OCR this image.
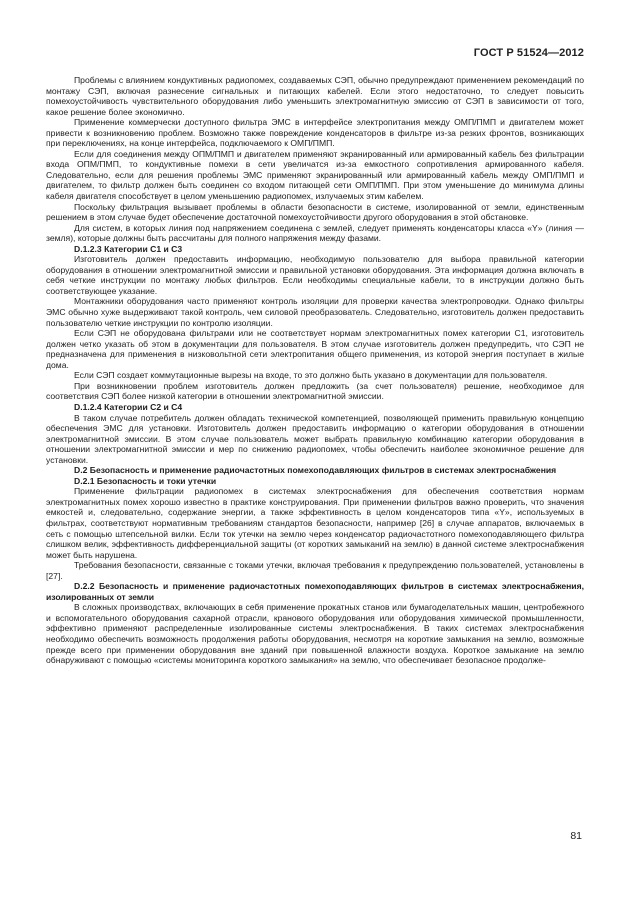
ГОСТ Р 51524—2012

Проблемы с влиянием кондуктивных радиопомех, создаваемых СЭП, обычно предупреждают применением рекомендаций по монтажу СЭП, включая разнесение сигнальных и питающих кабелей. Если этого недостаточно, то следует повысить помехоустойчивость чувствительного оборудования либо уменьшить электромагнитную эмиссию от СЭП в зависимости от того, какое решение более экономично.

Применение коммерчески доступного фильтра ЭМС в интерфейсе электропитания между ОМП/ПМП и двигателем может привести к возникновению проблем. Возможно также повреждение конденсаторов в фильтре из-за резких фронтов, возникающих при переключениях, на конце интерфейса, подключаемого к ОМП/ПМП.

Если для соединения между ОПМ/ПМП и двигателем применяют экранированный или армированный кабель без фильтрации входа ОПМ/ПМП, то кондуктивные помехи в сети увеличатся из-за емкостного сопротивления армированного кабеля. Следовательно, если для решения проблемы ЭМС применяют экранированный или армированный кабель между ОМП/ПМП и двигателем, то фильтр должен быть соединен со входом питающей сети ОМП/ПМП. При этом уменьшение до минимума длины кабеля двигателя способствует в целом уменьшению радиопомех, излучаемых этим кабелем.

Поскольку фильтрация вызывает проблемы в области безопасности в системе, изолированной от земли, единственным решением в этом случае будет обеспечение достаточной помехоустойчивости другого оборудования в этой обстановке.

Для систем, в которых линия под напряжением соединена с землей, следует применять конденсаторы класса «Y» (линия — земля), которые должны быть рассчитаны для полного напряжения между фазами.

D.1.2.3 Категории С1 и С3

Изготовитель должен предоставить информацию, необходимую пользователю для выбора правильной категории оборудования в отношении электромагнитной эмиссии и правильной установки оборудования. Эта информация должна включать в себя четкие инструкции по монтажу любых фильтров. Если необходимы специальные кабели, то в инструкции должно быть соответствующее указание.

Монтажники оборудования часто применяют контроль изоляции для проверки качества электропроводки. Однако фильтры ЭМС обычно хуже выдерживают такой контроль, чем силовой преобразователь. Следовательно, изготовитель должен предоставить пользователю четкие инструкции по контролю изоляции.

Если СЭП не оборудована фильтрами или не соответствует нормам электромагнитных помех категории С1, изготовитель должен четко указать об этом в документации для пользователя. В этом случае изготовитель должен предупредить, что СЭП не предназначена для применения в низковольтной сети электропитания общего применения, из которой энергия поступает в жилые дома.

Если СЭП создает коммутационные вырезы на входе, то это должно быть указано в документации для пользователя.

При возникновении проблем изготовитель должен предложить (за счет пользователя) решение, необходимое для соответствия СЭП более низкой категории в отношении электромагнитной эмиссии.

D.1.2.4 Категории С2 и С4

В таком случае потребитель должен обладать технической компетенцией, позволяющей применить правильную концепцию обеспечения ЭМС для установки. Изготовитель должен предоставить информацию о категории оборудования в отношении электромагнитной эмиссии. В этом случае пользователь может выбрать правильную комбинацию категории оборудования в отношении электромагнитной эмиссии и мер по снижению радиопомех, чтобы обеспечить наиболее экономичное решение для установки.

D.2 Безопасность и применение радиочастотных помехоподавляющих фильтров в системах электроснабжения
D.2.1 Безопасность и токи утечки

Применение фильтрации радиопомех в системах электроснабжения для обеспечения соответствия нормам электромагнитных помех хорошо известно в практике конструирования. При применении фильтров важно проверить, что значения емкостей и, следовательно, содержание энергии, а также эффективность в целом конденсаторов типа «Y», используемых в фильтрах, соответствуют нормативным требованиям стандартов безопасности, например [26] в случае аппаратов, включаемых в сеть с помощью штепсельной вилки. Если ток утечки на землю через конденсатор радиочастотного помехоподавляющего фильтра слишком велик, эффективность дифференциальной защиты (от коротких замыканий на землю) в данной системе электроснабжения может быть нарушена.

Требования безопасности, связанные с токами утечки, включая требования к предупреждению пользователей, установлены в [27].

D.2.2 Безопасность и применение радиочастотных помехоподавляющих фильтров в системах электроснабжения, изолированных от земли

В сложных производствах, включающих в себя применение прокатных станов или бумагоделательных машин, центробежного и вспомогательного оборудования сахарной отрасли, кранового оборудования или оборудования химической промышленности, эффективно применяют распределенные изолированные системы электроснабжения. В таких системах электроснабжения необходимо обеспечить возможность продолжения работы оборудования, несмотря на короткие замыкания на землю, возможные прежде всего при применении оборудования вне зданий при повышенной влажности воздуха. Короткое замыкание на землю обнаруживают с помощью «системы мониторинга короткого замыкания» на землю, что обеспечивает безопасное продолже-

81
